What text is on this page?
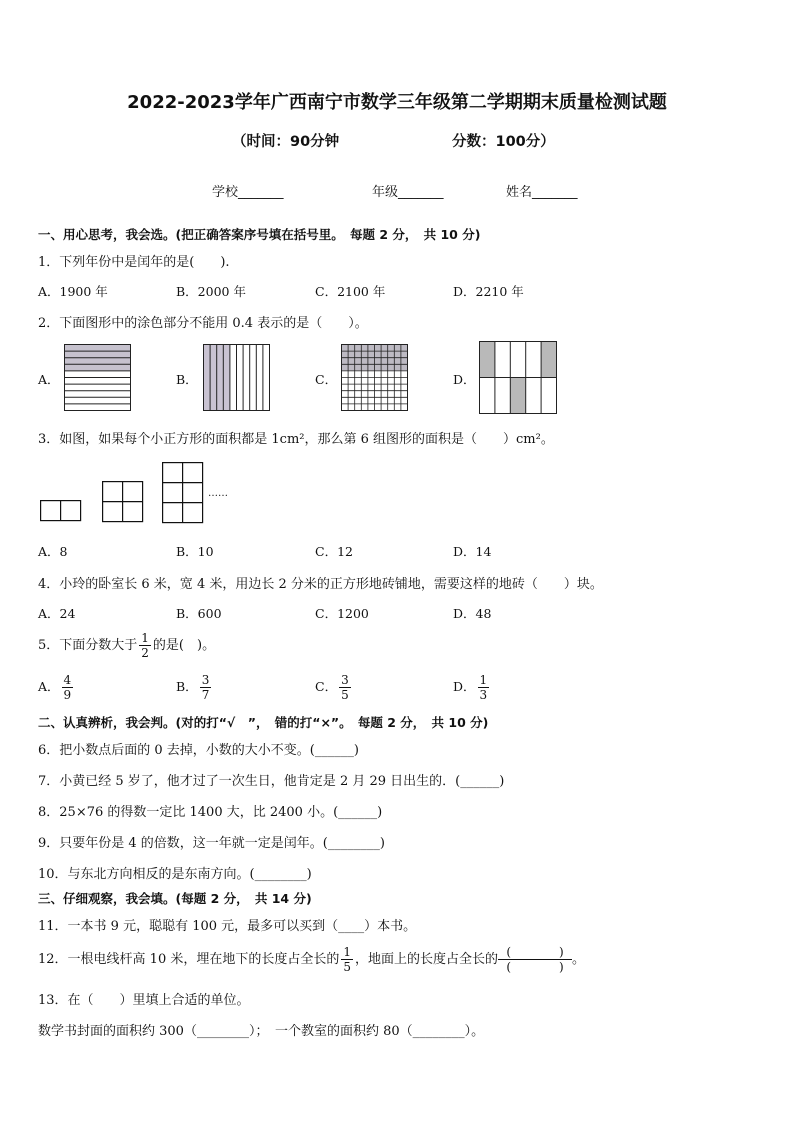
2022-2023学年广西南宁市数学三年级第二学期期末质量检测试题
（时间：90分钟	分数：100分）
学校_______	年级_______	姓名_______
一、用心思考，我会选。(把正确答案序号填在括号里。　每题 2 分，　共 10 分)
1．下列年份中是闰年的是(　　).
A．1900 年	B．2000 年	C．2100 年	D．2210 年
2．下面图形中的涂色部分不能用 0.4 表示的是（　　）。
A．	B．	C．	D．
3．如图，如果每个小正方形的面积都是 1cm²，那么第 6 组图形的面积是（　　）cm²。
……
A．8	B．10	C．12	D．14
4．小玲的卧室长 6 米，宽 4 米，用边长 2 分米的正方形地砖铺地，需要这样的地砖（　　）块。
A．24	B．600	C．1200	D．48
5．下面分数大于 $\frac{1}{2}$ 的是(　)。
A． $\frac{4}{9}$	B． $\frac{3}{7}$	C． $\frac{3}{5}$	D． $\frac{1}{3}$
二、认真辨析，我会判。(对的打“√　”，　错的打“×”。　每题 2 分，　共 10 分)
6．把小数点后面的 0 去掉，小数的大小不变。(______)
7．小黄已经 5 岁了，他才过了一次生日，他肯定是 2 月 29 日出生的．(______)
8．25×76 的得数一定比 1400 大，比 2400 小。(______)
9．只要年份是 4 的倍数，这一年就一定是闰年。(________)
10．与东北方向相反的是东南方向。(________)
三、仔细观察，我会填。(每题 2 分，　共 14 分)
11．一本书 9 元，聪聪有 100 元，最多可以买到（____）本书。
12．一根电线杆高 10 米，埋在地下的长度占全长的 $\frac{1}{5}$ ，地面上的长度占全长的 $\frac{( )}{( )}$ 。
13．在（　　）里填上合适的单位。
数学书封面的面积约 300（________）；　一个教室的面积约 80（________）。
